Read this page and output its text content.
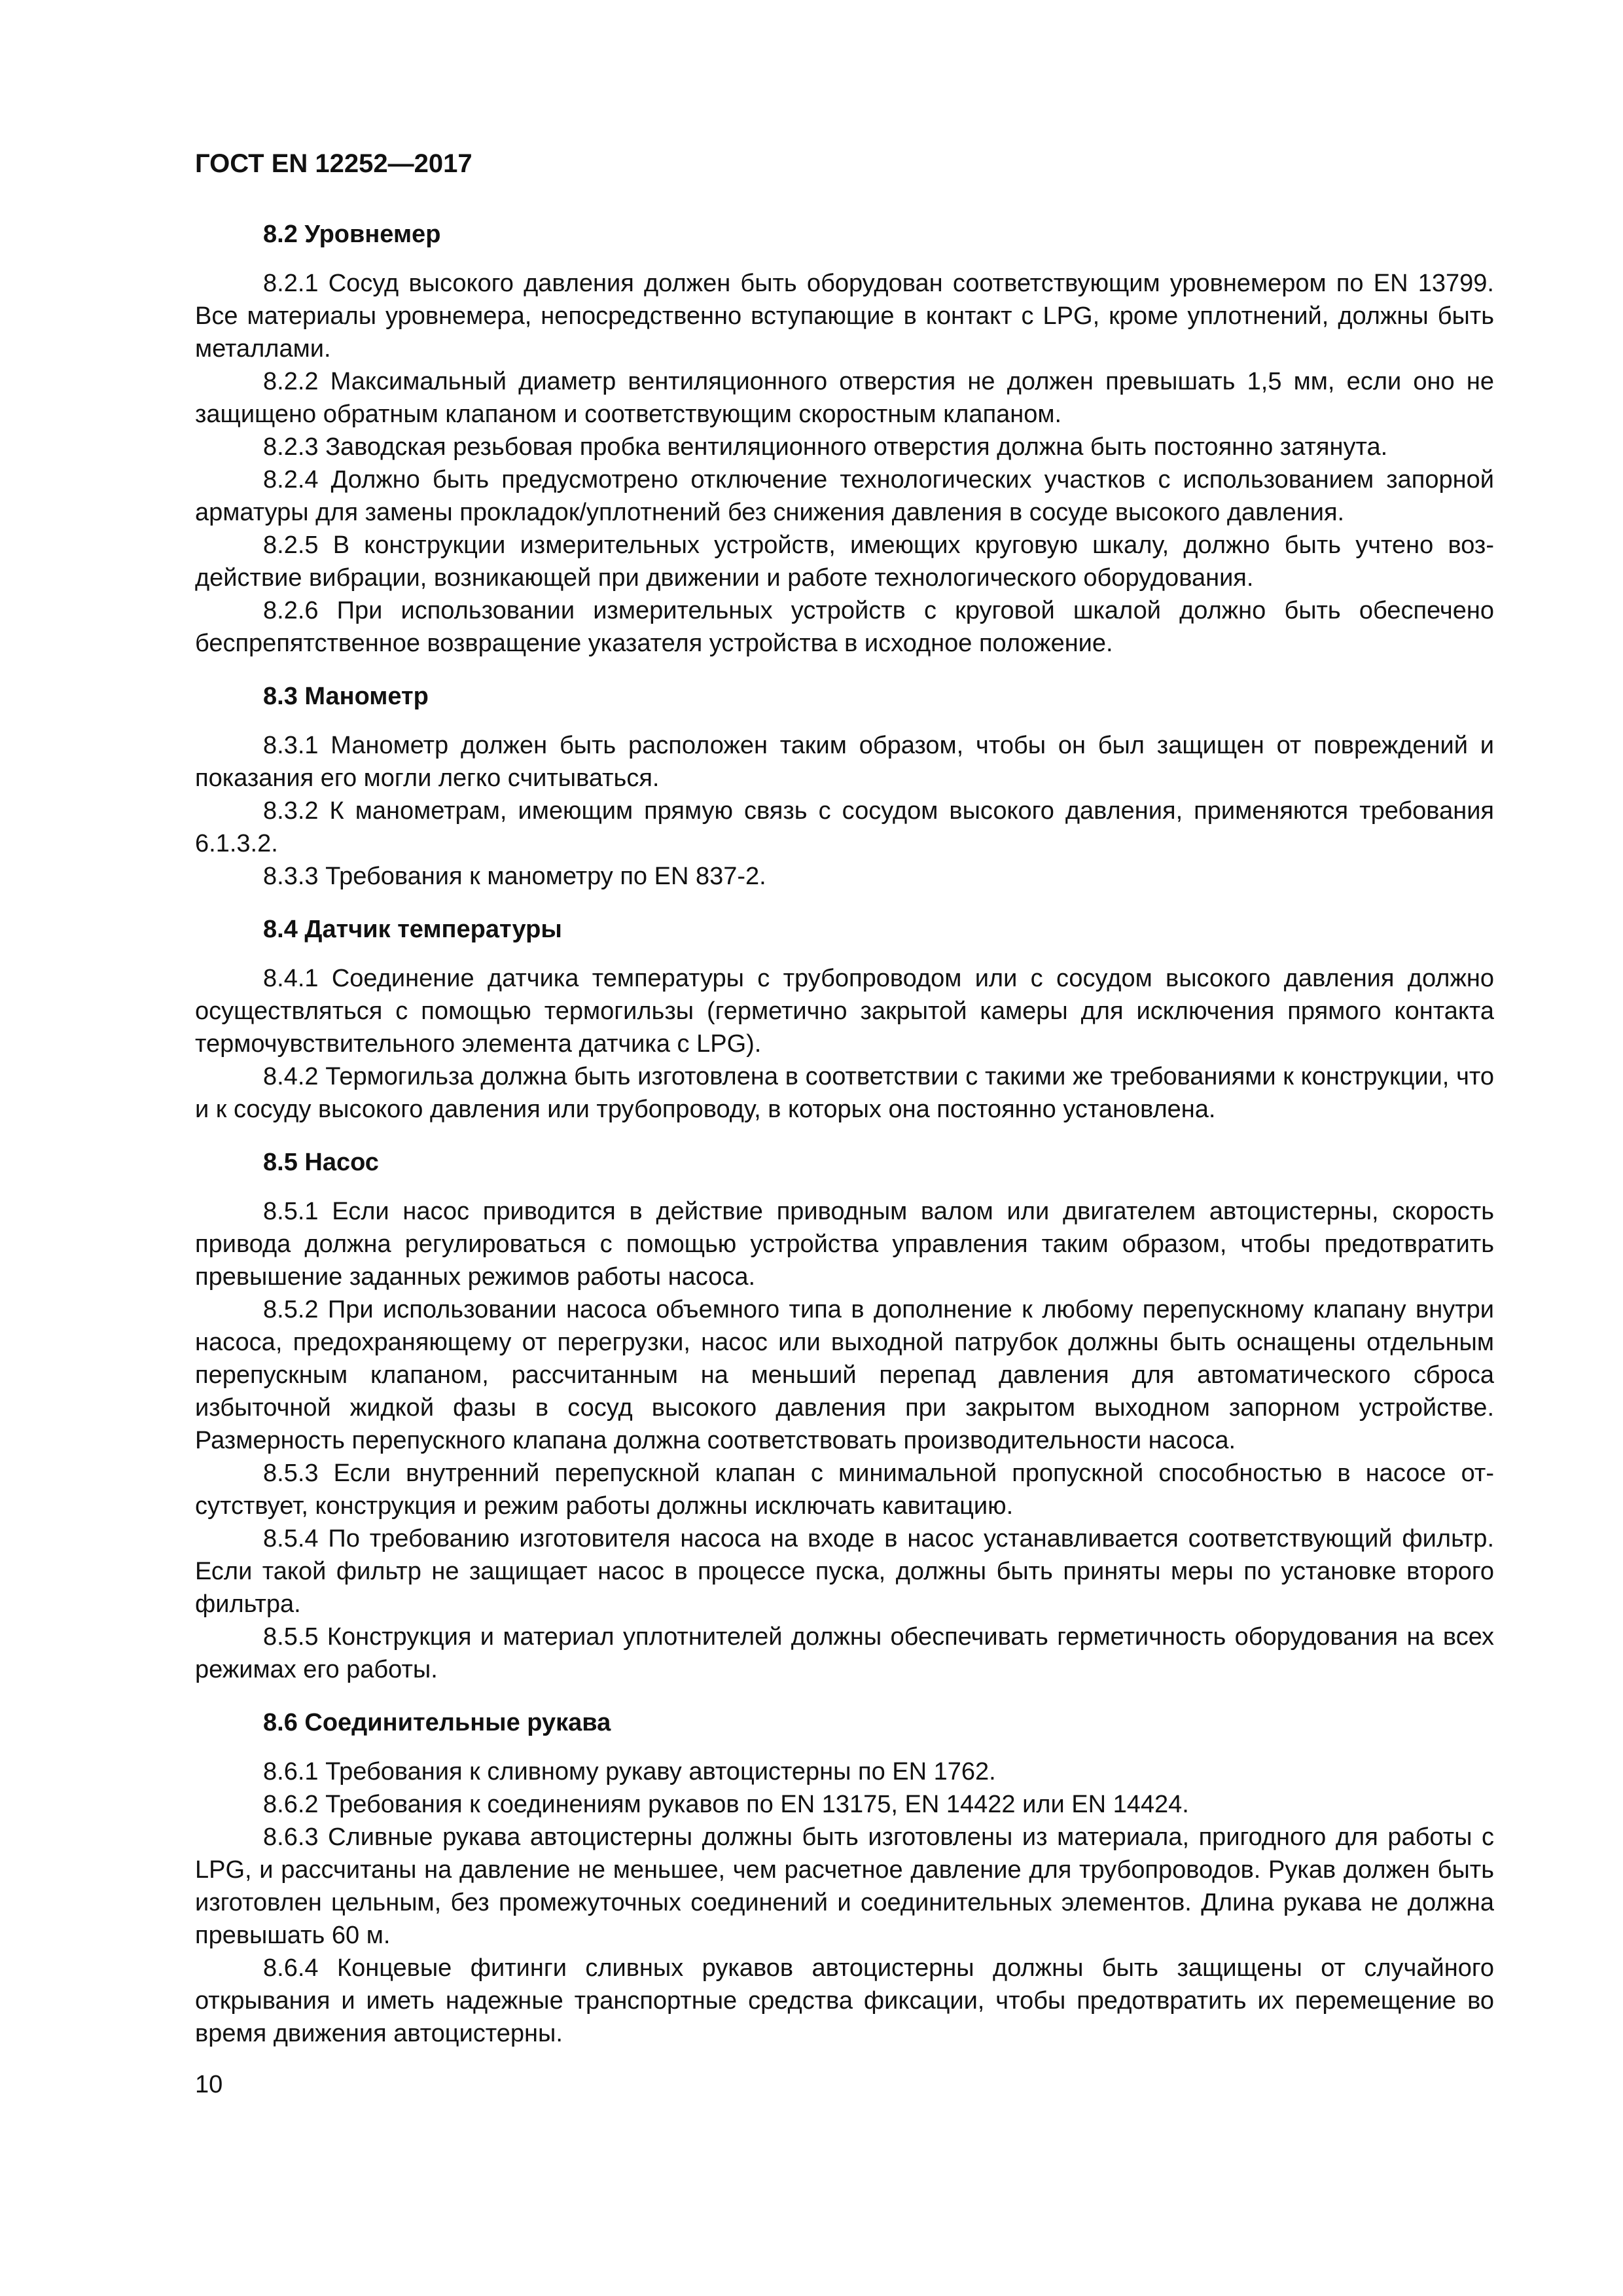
ГОСТ EN 12252—2017
8.2 Уровнемер

8.2.1 Сосуд высокого давления должен быть оборудован соответствующим уровнемером по EN 13799. Все материалы уровнемера, непосредственно вступающие в контакт с LPG, кроме уплотнений, должны быть металлами.

8.2.2 Максимальный диаметр вентиляционного отверстия не должен превышать 1,5 мм, если оно не защищено обратным клапаном и соответствующим скоростным клапаном.

8.2.3 Заводская резьбовая пробка вентиляционного отверстия должна быть постоянно затянута.

8.2.4 Должно быть предусмотрено отключение технологических участков с использованием запорной арматуры для замены прокладок/уплотнений без снижения давления в сосуде высокого давления.

8.2.5 В конструкции измерительных устройств, имеющих круговую шкалу, должно быть учтено воздействие вибрации, возникающей при движении и работе технологического оборудования.

8.2.6 При использовании измерительных устройств с круговой шкалой должно быть обеспечено беспрепятственное возвращение указателя устройства в исходное положение.

8.3 Манометр

8.3.1 Манометр должен быть расположен таким образом, чтобы он был защищен от повреждений и показания его могли легко считываться.

8.3.2 К манометрам, имеющим прямую связь с сосудом высокого давления, применяются требования 6.1.3.2.

8.3.3 Требования к манометру по EN 837-2.

8.4 Датчик температуры

8.4.1 Соединение датчика температуры с трубопроводом или с сосудом высокого давления должно осуществляться с помощью термогильзы (герметично закрытой камеры для исключения прямого контакта термочувствительного элемента датчика с LPG).

8.4.2 Термогильза должна быть изготовлена в соответствии с такими же требованиями к конструкции, что и к сосуду высокого давления или трубопроводу, в которых она постоянно установлена.

8.5 Насос

8.5.1 Если насос приводится в действие приводным валом или двигателем автоцистерны, скорость привода должна регулироваться с помощью устройства управления таким образом, чтобы предотвратить превышение заданных режимов работы насоса.

8.5.2 При использовании насоса объемного типа в дополнение к любому перепускному клапану внутри насоса, предохраняющему от перегрузки, насос или выходной патрубок должны быть оснащены отдельным перепускным клапаном, рассчитанным на меньший перепад давления для автоматического сброса избыточной жидкой фазы в сосуд высокого давления при закрытом выходном запорном устройстве. Размерность перепускного клапана должна соответствовать производительности насоса.

8.5.3 Если внутренний перепускной клапан с минимальной пропускной способностью в насосе отсутствует, конструкция и режим работы должны исключать кавитацию.

8.5.4 По требованию изготовителя насоса на входе в насос устанавливается соответствующий фильтр. Если такой фильтр не защищает насос в процессе пуска, должны быть приняты меры по установке второго фильтра.

8.5.5 Конструкция и материал уплотнителей должны обеспечивать герметичность оборудования на всех режимах его работы.

8.6 Соединительные рукава

8.6.1 Требования к сливному рукаву автоцистерны по EN 1762.

8.6.2 Требования к соединениям рукавов по EN 13175, EN 14422 или EN 14424.

8.6.3 Сливные рукава автоцистерны должны быть изготовлены из материала, пригодного для работы с LPG, и рассчитаны на давление не меньшее, чем расчетное давление для трубопроводов. Рукав должен быть изготовлен цельным, без промежуточных соединений и соединительных элементов. Длина рукава не должна превышать 60 м.

8.6.4 Концевые фитинги сливных рукавов автоцистерны должны быть защищены от случайного открывания и иметь надежные транспортные средства фиксации, чтобы предотвратить их перемещение во время движения автоцистерны.

10
